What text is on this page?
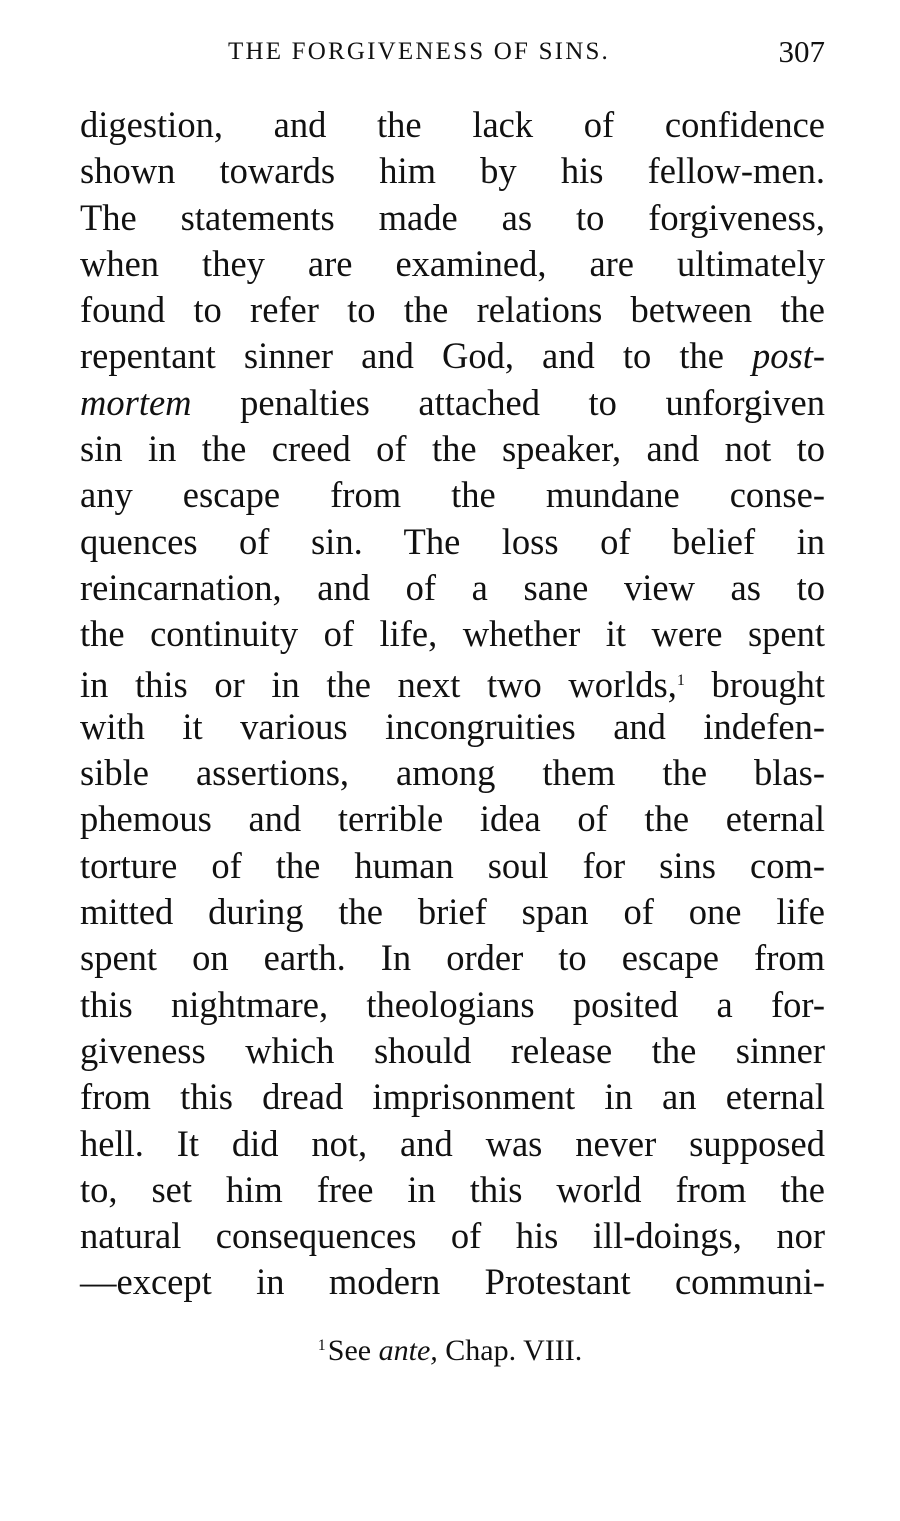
THE FORGIVENESS OF SINS.	307
digestion, and the lack of confidence
shown towards him by his fellow-men.
The statements made as to forgiveness,
when they are examined, are ultimately
found to refer to the relations between the
repentant sinner and God, and to the post-
mortem penalties attached to unforgiven
sin in the creed of the speaker, and not to
any escape from the mundane conse-
quences of sin. The loss of belief in
reincarnation, and of a sane view as to
the continuity of life, whether it were spent
in this or in the next two worlds,$^1$ brought
with it various incongruities and indefen-
sible assertions, among them the blas-
phemous and terrible idea of the eternal
torture of the human soul for sins com-
mitted during the brief span of one life
spent on earth. In order to escape from
this nightmare, theologians posited a for-
giveness which should release the sinner
from this dread imprisonment in an eternal
hell. It did not, and was never supposed
to, set him free in this world from the
natural consequences of his ill-doings, nor
—except in modern Protestant communi-
$^1$See ante, Chap. VIII.
